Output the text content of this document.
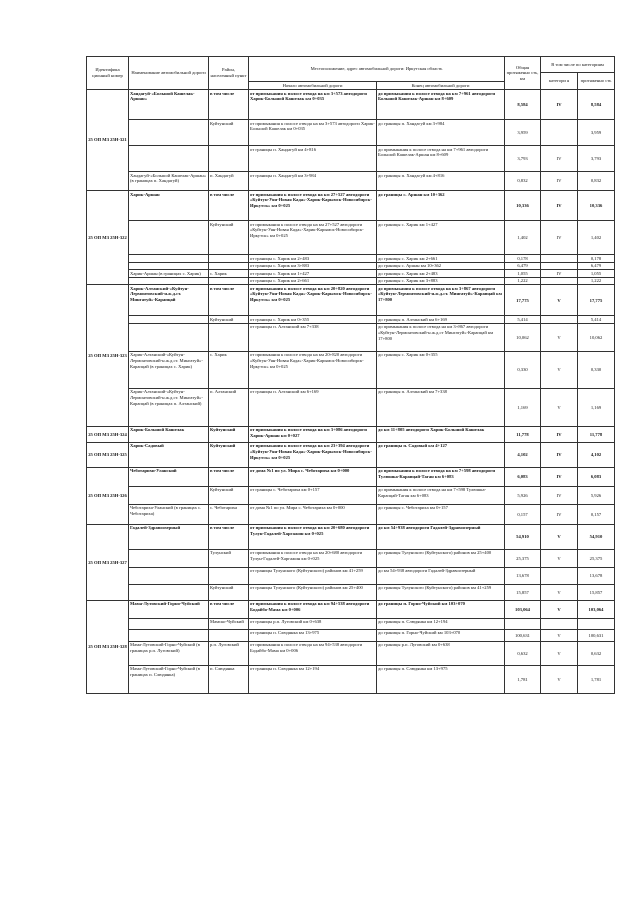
Идентифика ционный номер	Наименование автомобильной дороги	Район, населенный пункт	Местоположение, адрес автомобильной дороги: Иркутская область		Общая протяженно сть, км	В том числе по категориям	
						категори я	протяженно сть
			Начало автомобильной дороги	Конец автомобильной дороги			
25 ОП МЗ 25Н-321	Хандагуй-«Большой Кашелак-Аршан»	в том числе	от примыкания к полосе отвода на км 3+573 автодороги Харик-Большой Кашелак км 0+035	до примыкания к полосе отвода на км 7+961 автодороги Большой Кашелак-Аршан км 8+609	8,584	IV	8,584
		Куйтунский	от примыкания к полосе отвода на км 3+573 автодороги Харик-Большой Кашелак км 0+035	до границы п. Хандагуй км 3+984	3,959		3,959
			от границы п. Хандагуй км 4+816	до примыкания к полосе отвода на км 7+961 автодороги Большой Кашелак-Аршан км 8+609	3,793	IV	3,793
	Хандагуй-«Большой Кашелак-Аршан» (в границах п. Хандагуй)	п. Хандагуй	от границы п. Хандагуй км 3+984	до границы п. Хандагуй км 4+816	0,832	IV	0,832
25 ОП МЗ 25Н-322	Харик-Аршан	в том числе	от примыкания к полосе отвода на км 27+527 автодороги «Куйтун-Уян-Новая Када»-Харик-Карымск-Новосибирск-Иркутск» км 0+025	до границы с. Аршан км 10+362	10,336	IV	10,336
		Куйтунский	от примыкания к полосе отвода на км 27+527 автодороги «Куйтун-Уян-Новая Када»-Харик-Карымск-Новосибирск-Иркутск» км 0+025	до границы с. Харик км 1+427	1,402	IV	1,402
			от границы с. Харик км 2+483	до границы с. Харик км 2+661	0,178		0,178
			от границы с. Харик км 3+883	до границы с. Аршан км 10+362	6,479		6,479
	Харик-Аршан (в границах с. Харик)	с. Харик	от границы с. Харик км 1+427	до границы с. Харик км 2+483	1,055	IV	1,055
			от границы с. Харик км 2+661	до границы с. Харик км 3+883	1,222		1,222
25 ОП МЗ 25Н-323	Харик-Алтанский-«Куйтун-Лермонтовский-н.ж.д.ст. Мингатуй»-Карапцай	в том числе	от примыкания к полосе отвода на км 20+820 автодороги «Куйтун-Уян-Новая Када»-Харик-Карымск-Новосибирск-Иркутск» км 0+025	до примыкания к полосе отвода на км 3+867 автодороги «Куйтун-Лермонтовский-н.ж.д.ст. Мингатуй»-Карапцай км 17+800	17,775	V	17,775
		Куйтунский	от границы с. Харик км 0+355	до границы п. Алтанский км 6+169	5,414		5,414
			от границы п. Алтанский км 7+338	до примыкания к полосе отвода на км 3+867 автодороги «Куйтун-Лермонтовский-н.ж.д.ст Мингатуй»-Карапцай км 17+800	10,062	V	10,062
	Харик-Алтанский-«Куйтун-Лермонтовский-н.ж.д.ст. Мингатуй»-Карапцай (в границах с. Харик)	с. Харик	от примыкания к полосе отвода на км 20+820 автодороги «Куйтун-Уян-Новая Када»-Харик-Карымск-Новосибирск-Иркутск» км 0+025	до границы с. Харик км 0+355	0,330	V	0,330
	Харик-Алтанский-«Куйтун-Лермонтовский-н.ж.д.ст. Мингатуй»-Карапцай (в границах п. Алтанский)	п. Алтанский	от границы п. Алтанский км 6+169	до границы п. Алтанский км 7+338	1,169	V	1,169
25 ОП МЗ 25Н-324	Харик-Большой Кашелак	Куйтунский	от примыкания к полосе отвода на км 3+086 автодороги Харик-Аршан км 0+027	до км 11+805 автодороги Харик-Большой Кашелак	11,778	IV	11,778
25 ОП МЗ 25Н-325	Харик-Садовый	Куйтунский	от примыкания к полосе отвода на км 23+394 автодороги «Куйтун-Уян-Новая Када»-Харик-Карымск-Новосибирск-Иркутск» км 0+025	до границы п. Садовый км 4+127	4,102	IV	4,102
25 ОП МЗ 25Н-326	Чеботарихи-Уланский	в том числе	от дома №1 по ул. Мира с. Чеботариха км 0+000	до примыкания к полосе отвода на км 7+598 автодороги Тулюшка-Карапцай-Таган км 6+083	6,083	IV	6,083
		Куйтунский	от границы с. Чеботариха км 0+157	до примыкания к полосе отвода на км 7+598 Тулюшка-Карапцай-Таган км 6+083	5,926	IV	5,926
	Чеботариха-Уланский (в границах с. Чеботариха)	с. Чеботариха	от дома №1 по ул. Мира с. Чеботариха км 0+000	до границы с. Чеботариха км 0+157	0,157	IV	0,157
25 ОП МЗ 25Н-327	Гадалей-Здравоозерный	в том числе	от примыкания к полосе отвода на км 20+680 автодороги Тулун-Гадалей-Харгажин км 0+025	до км 54+938 автодороги Гадалей-Здравоозерный	54,910	V	54,910
		Тулунский	от примыкания к полосе отвода на км 20+680 автодороги Тулун-Гадалей-Харгажин км 0+025	до границы Тулунского (Куйтунского) районов км 25+400	25,375	V	25,375
			от границы Тулунского (Куйтунского) районов км 41+259	до км 54+938 автодороги Гадалей-Здравоозерный	13,678		13,678
		Куйтунский	от границы Тулунского (Куйтунского) районов км 25+400	до границы Тулунского (Куйтунского) районов км 41+259	15,857	V	15,857
25 ОП МЗ 25Н-328	Мама-Лутовский-Горно-Чуйский	в том числе	от примыкания к полосе отвода на км 94+538 автодороги Бодайбо-Мама км 0+006	до границы п. Горно-Чуйский км 103+070	103,064	V	103,064
		Мамско-Чуйский	от границы р.п. Луговский км 0+638	до границы п. Слюдянка км 12+194			
			от границы п. Слюдянка км 13+975	до границы п. Горно-Чуйский км 103+070	100,631	V	100,631
	Мама-Лутовский-Горно-Чуйский (в границах р.п. Луговский)	р.п. Луговский	от примыкания к полосе отвода на км 94+538 автодороги Бодайбо-Мама км 0+006	до границы р.п. Луговский км 0+638	0,632	V	0,632
	Мама-Лутовский-Горно-Чуйский (в границах п. Слюдянка)	п. Слюдянка	от границы п. Слюдянка км 12+194	до границы п. Слюдянка км 13+975	1,781	V	1,781
